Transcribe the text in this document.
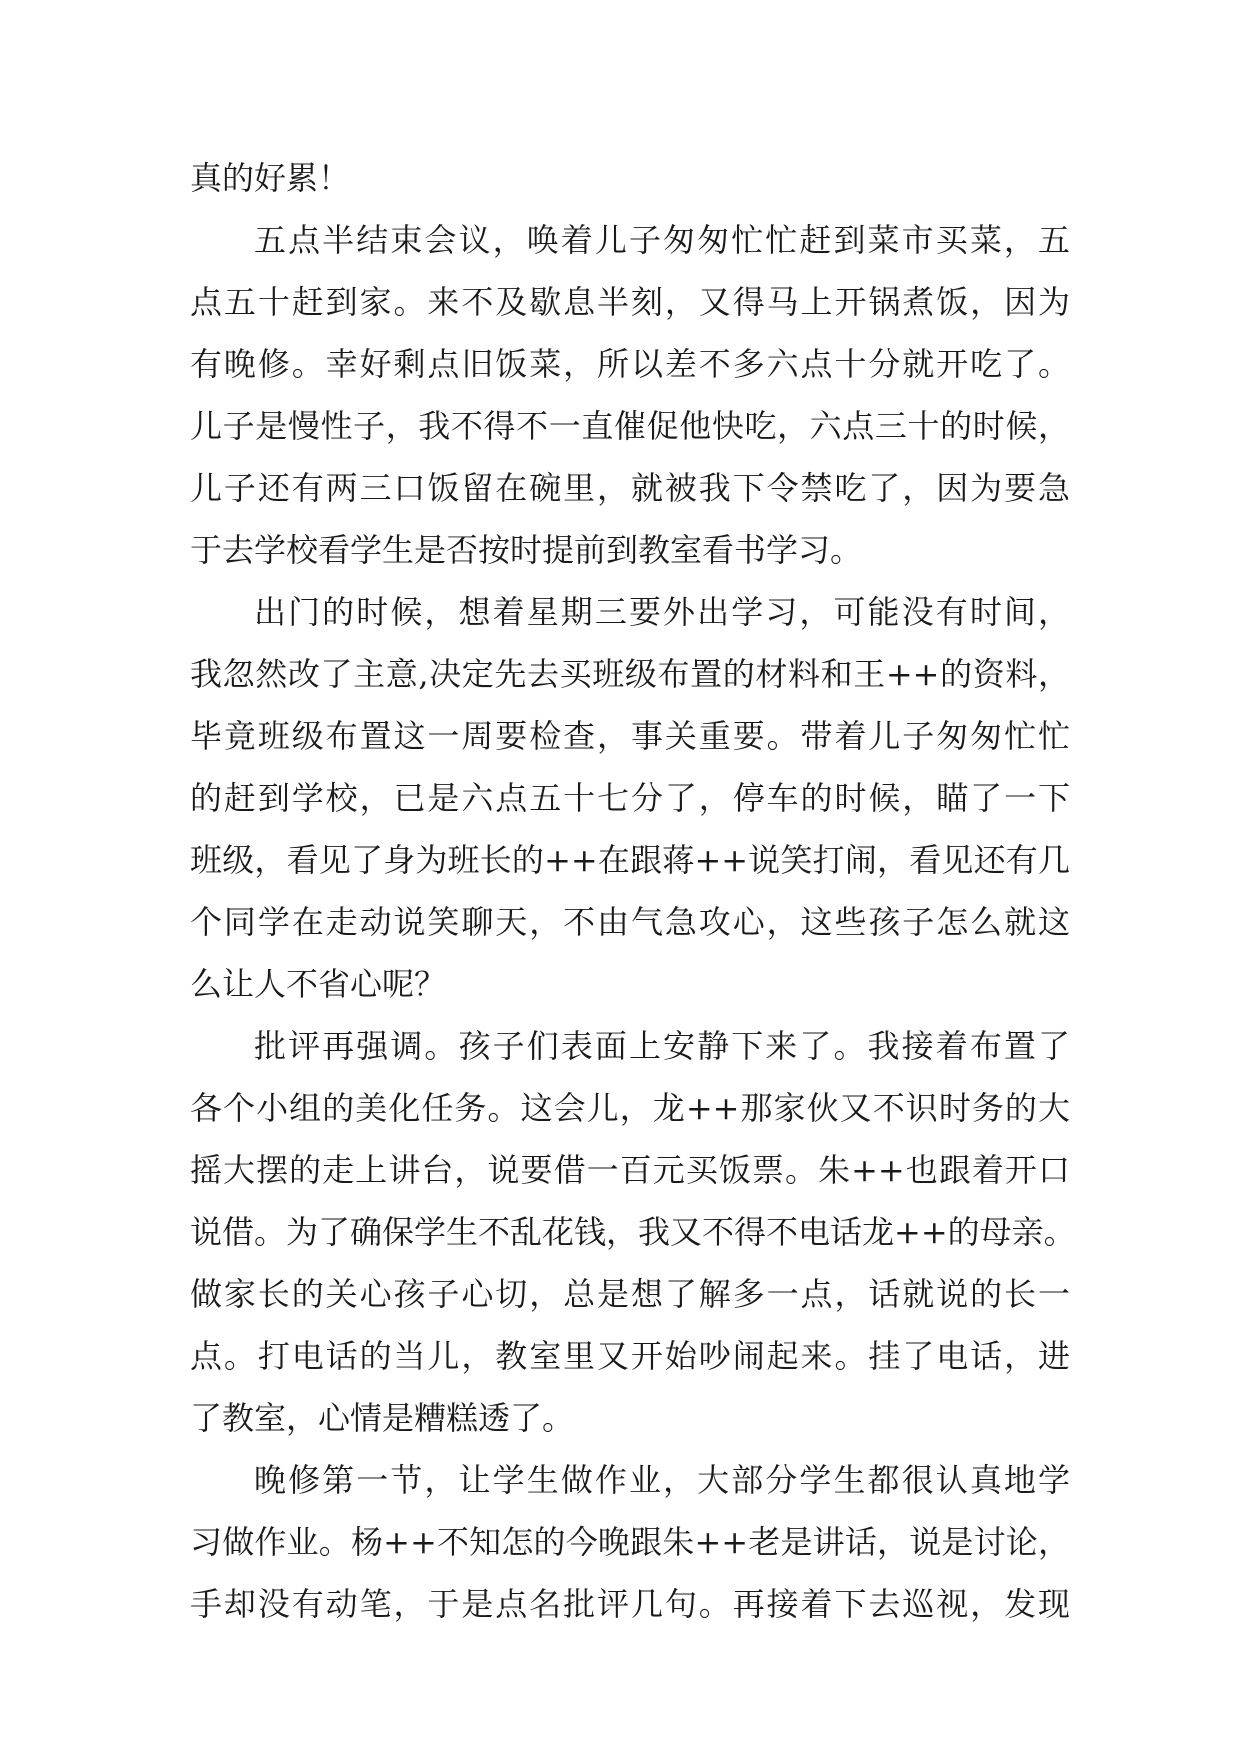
真的好累！
五点半结束会议，唤着儿子匆匆忙忙赶到菜市买菜，五
点五十赶到家。来不及歇息半刻，又得马上开锅煮饭，因为
有晚修。幸好剩点旧饭菜，所以差不多六点十分就开吃了。
儿子是慢性子，我不得不一直催促他快吃，六点三十的时候，
儿子还有两三口饭留在碗里，就被我下令禁吃了，因为要急
于去学校看学生是否按时提前到教室看书学习。
出门的时候，想着星期三要外出学习，可能没有时间，
我忽然改了主意,决定先去买班级布置的材料和王++的资料，
毕竟班级布置这一周要检查，事关重要。带着儿子匆匆忙忙
的赶到学校，已是六点五十七分了，停车的时候，瞄了一下
班级，看见了身为班长的++在跟蒋++说笑打闹，看见还有几
个同学在走动说笑聊天，不由气急攻心，这些孩子怎么就这
么让人不省心呢？
批评再强调。孩子们表面上安静下来了。我接着布置了
各个小组的美化任务。这会儿，龙++那家伙又不识时务的大
摇大摆的走上讲台，说要借一百元买饭票。朱++也跟着开口
说借。为了确保学生不乱花钱，我又不得不电话龙++的母亲。
做家长的关心孩子心切，总是想了解多一点，话就说的长一
点。打电话的当儿，教室里又开始吵闹起来。挂了电话，进
了教室，心情是糟糕透了。
晚修第一节，让学生做作业，大部分学生都很认真地学
习做作业。杨++不知怎的今晚跟朱++老是讲话，说是讨论，
手却没有动笔，于是点名批评几句。再接着下去巡视，发现
